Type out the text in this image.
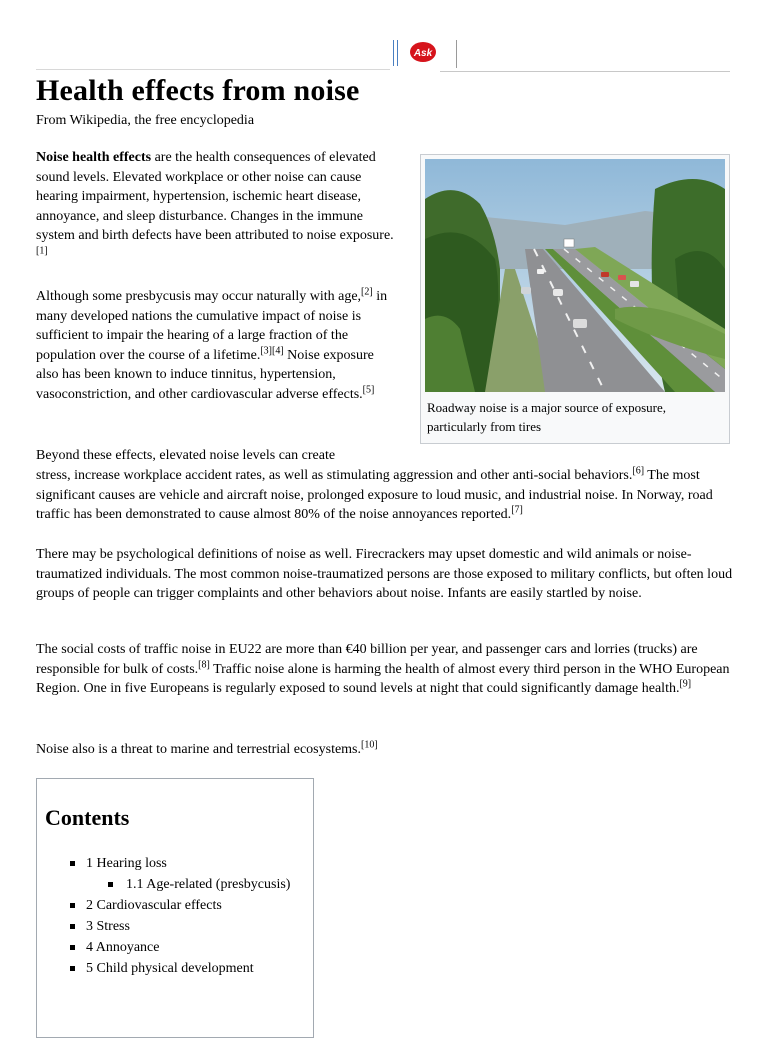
Ask
Health effects from noise
From Wikipedia, the free encyclopedia

Noise health effects are the health consequences of elevated sound levels. Elevated workplace or other noise can cause hearing impairment, hypertension, ischemic heart disease, annoyance, and sleep disturbance. Changes in the immune system and birth defects have been attributed to noise exposure.[1]

Although some presbycusis may occur naturally with age,[2] in many developed nations the cumulative impact of noise is sufficient to impair the hearing of a large fraction of the population over the course of a lifetime.[3][4] Noise exposure also has been known to induce tinnitus, hypertension, vasoconstriction, and other cardiovascular adverse effects.[5]

Roadway noise is a major source of exposure, particularly from tires

Beyond these effects, elevated noise levels can create

stress, increase workplace accident rates, as well as stimulating aggression and other anti-social behaviors.[6] The most significant causes are vehicle and aircraft noise, prolonged exposure to loud music, and industrial noise. In Norway, road traffic has been demonstrated to cause almost 80% of the noise annoyances reported.[7]

There may be psychological definitions of noise as well. Firecrackers may upset domestic and wild animals or noise-traumatized individuals. The most common noise-traumatized persons are those exposed to military conflicts, but often loud groups of people can trigger complaints and other behaviors about noise. Infants are easily startled by noise.

The social costs of traffic noise in EU22 are more than €40 billion per year, and passenger cars and lorries (trucks) are responsible for bulk of costs.[8] Traffic noise alone is harming the health of almost every third person in the WHO European Region. One in five Europeans is regularly exposed to sound levels at night that could significantly damage health.[9]

Noise also is a threat to marine and terrestrial ecosystems.[10]

Contents
1 Hearing loss
1.1 Age-related (presbycusis)
2 Cardiovascular effects
3 Stress
4 Annoyance
5 Child physical development
